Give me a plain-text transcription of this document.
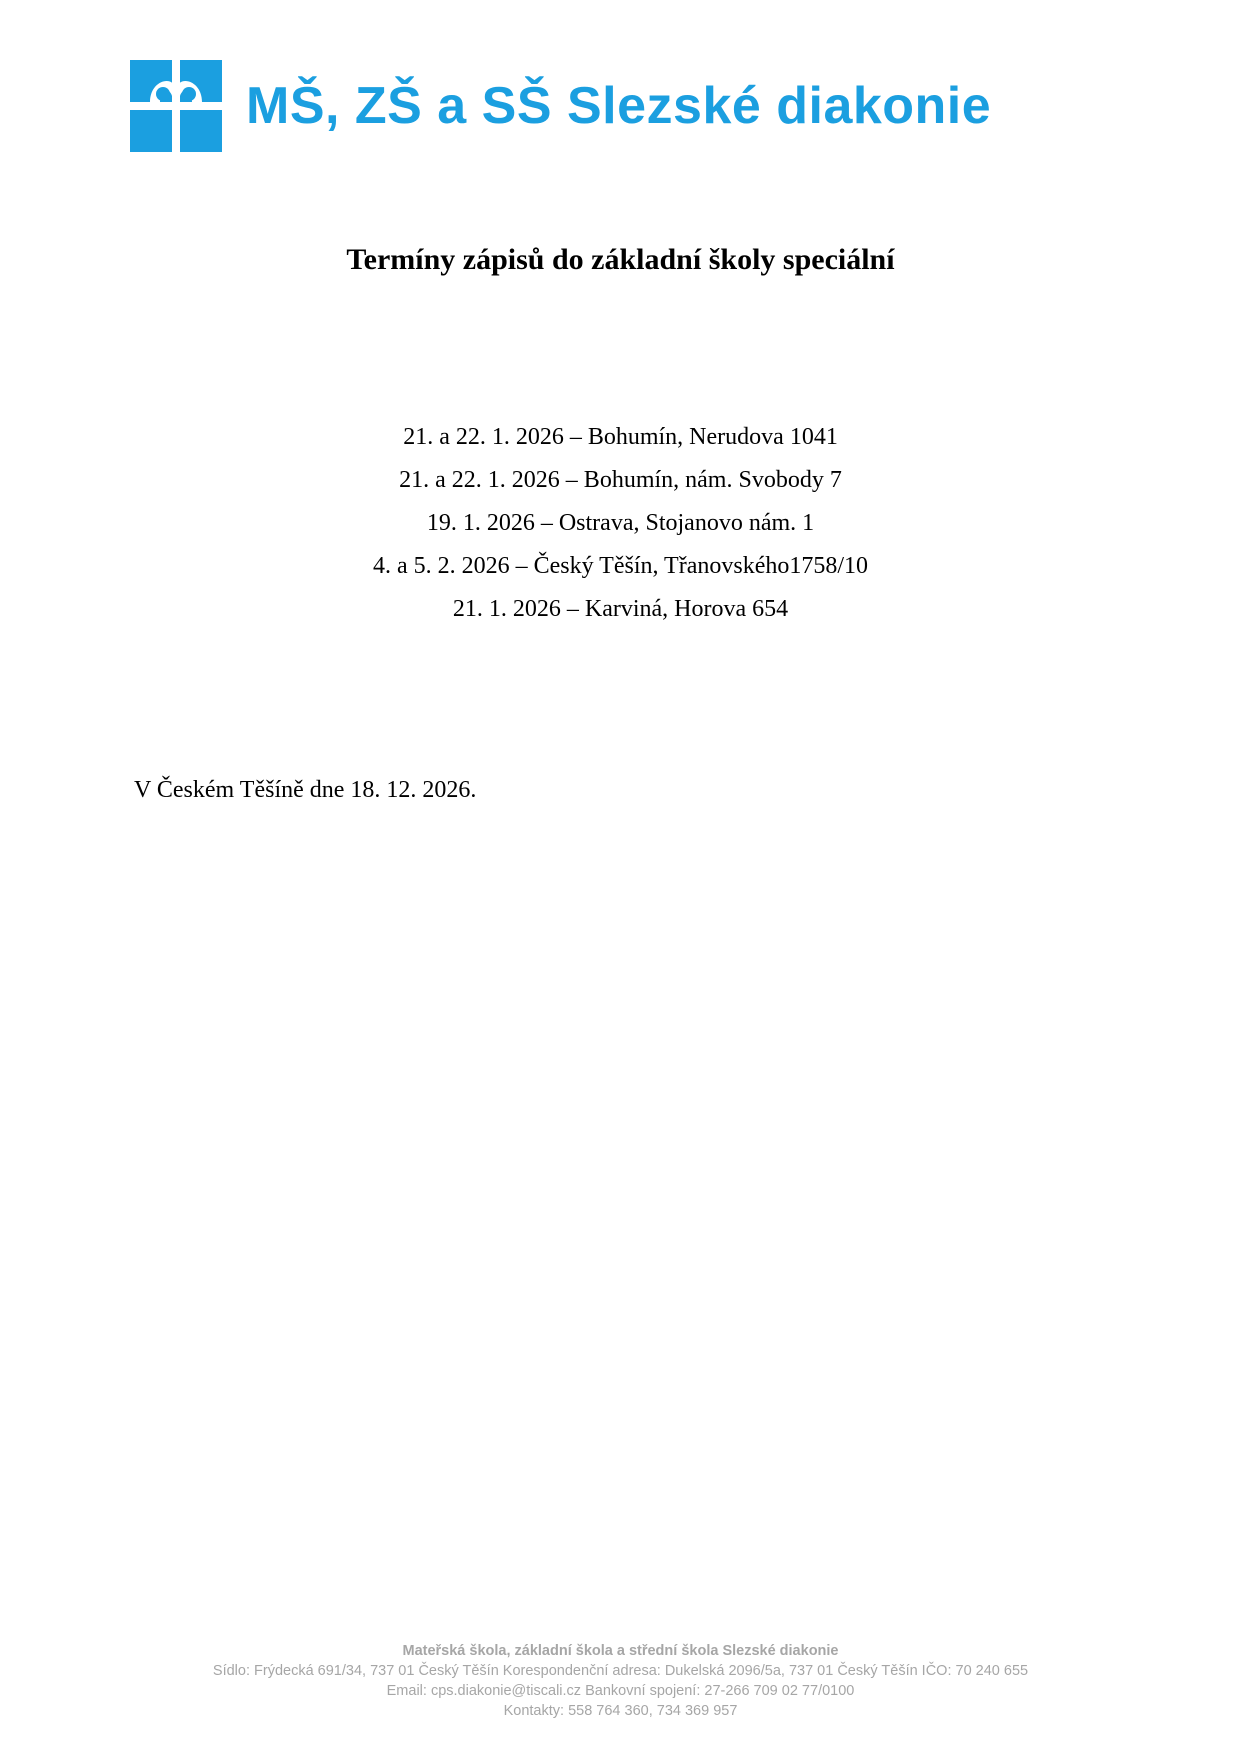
MŠ, ZŠ a SŠ Slezské diakonie
Termíny zápisů do základní školy speciální
21. a 22. 1. 2026 – Bohumín, Nerudova 1041
21. a 22. 1. 2026 – Bohumín, nám. Svobody 7
19. 1. 2026 – Ostrava, Stojanovo nám. 1
4. a 5. 2. 2026 – Český Těšín, Třanovského1758/10
21. 1. 2026 – Karviná, Horova 654
V Českém Těšíně dne 18. 12. 2026.
Mateřská škola, základní škola a střední škola Slezské diakonie
Sídlo: Frýdecká 691/34, 737 01 Český Těšín Korespondenční adresa: Dukelská 2096/5a, 737 01 Český Těšín IČO: 70 240 655
Email: cps.diakonie@tiscali.cz Bankovní spojení: 27-266 709 02 77/0100
Kontakty: 558 764 360, 734 369 957
